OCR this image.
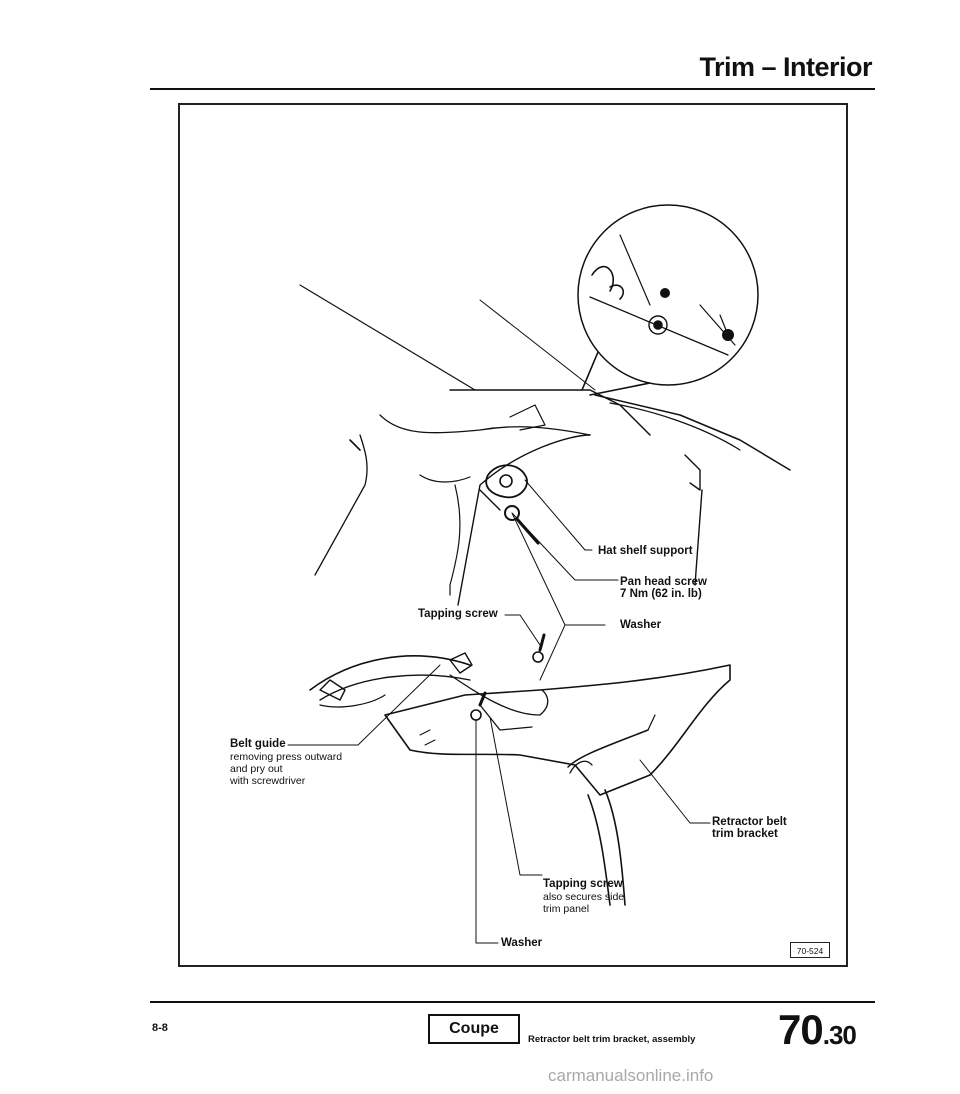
Trim – Interior
Hat shelf support
Pan head screw
7 Nm (62 in. lb)
Tapping screw
Washer
Belt guide
removing press outward
and pry out
with screwdriver
Retractor belt
trim bracket
Tapping screw
also secures side
trim panel
Washer
70-524
8-8	Coupe
Retractor belt trim bracket, assembly 70.30
carmanualsonline.info
